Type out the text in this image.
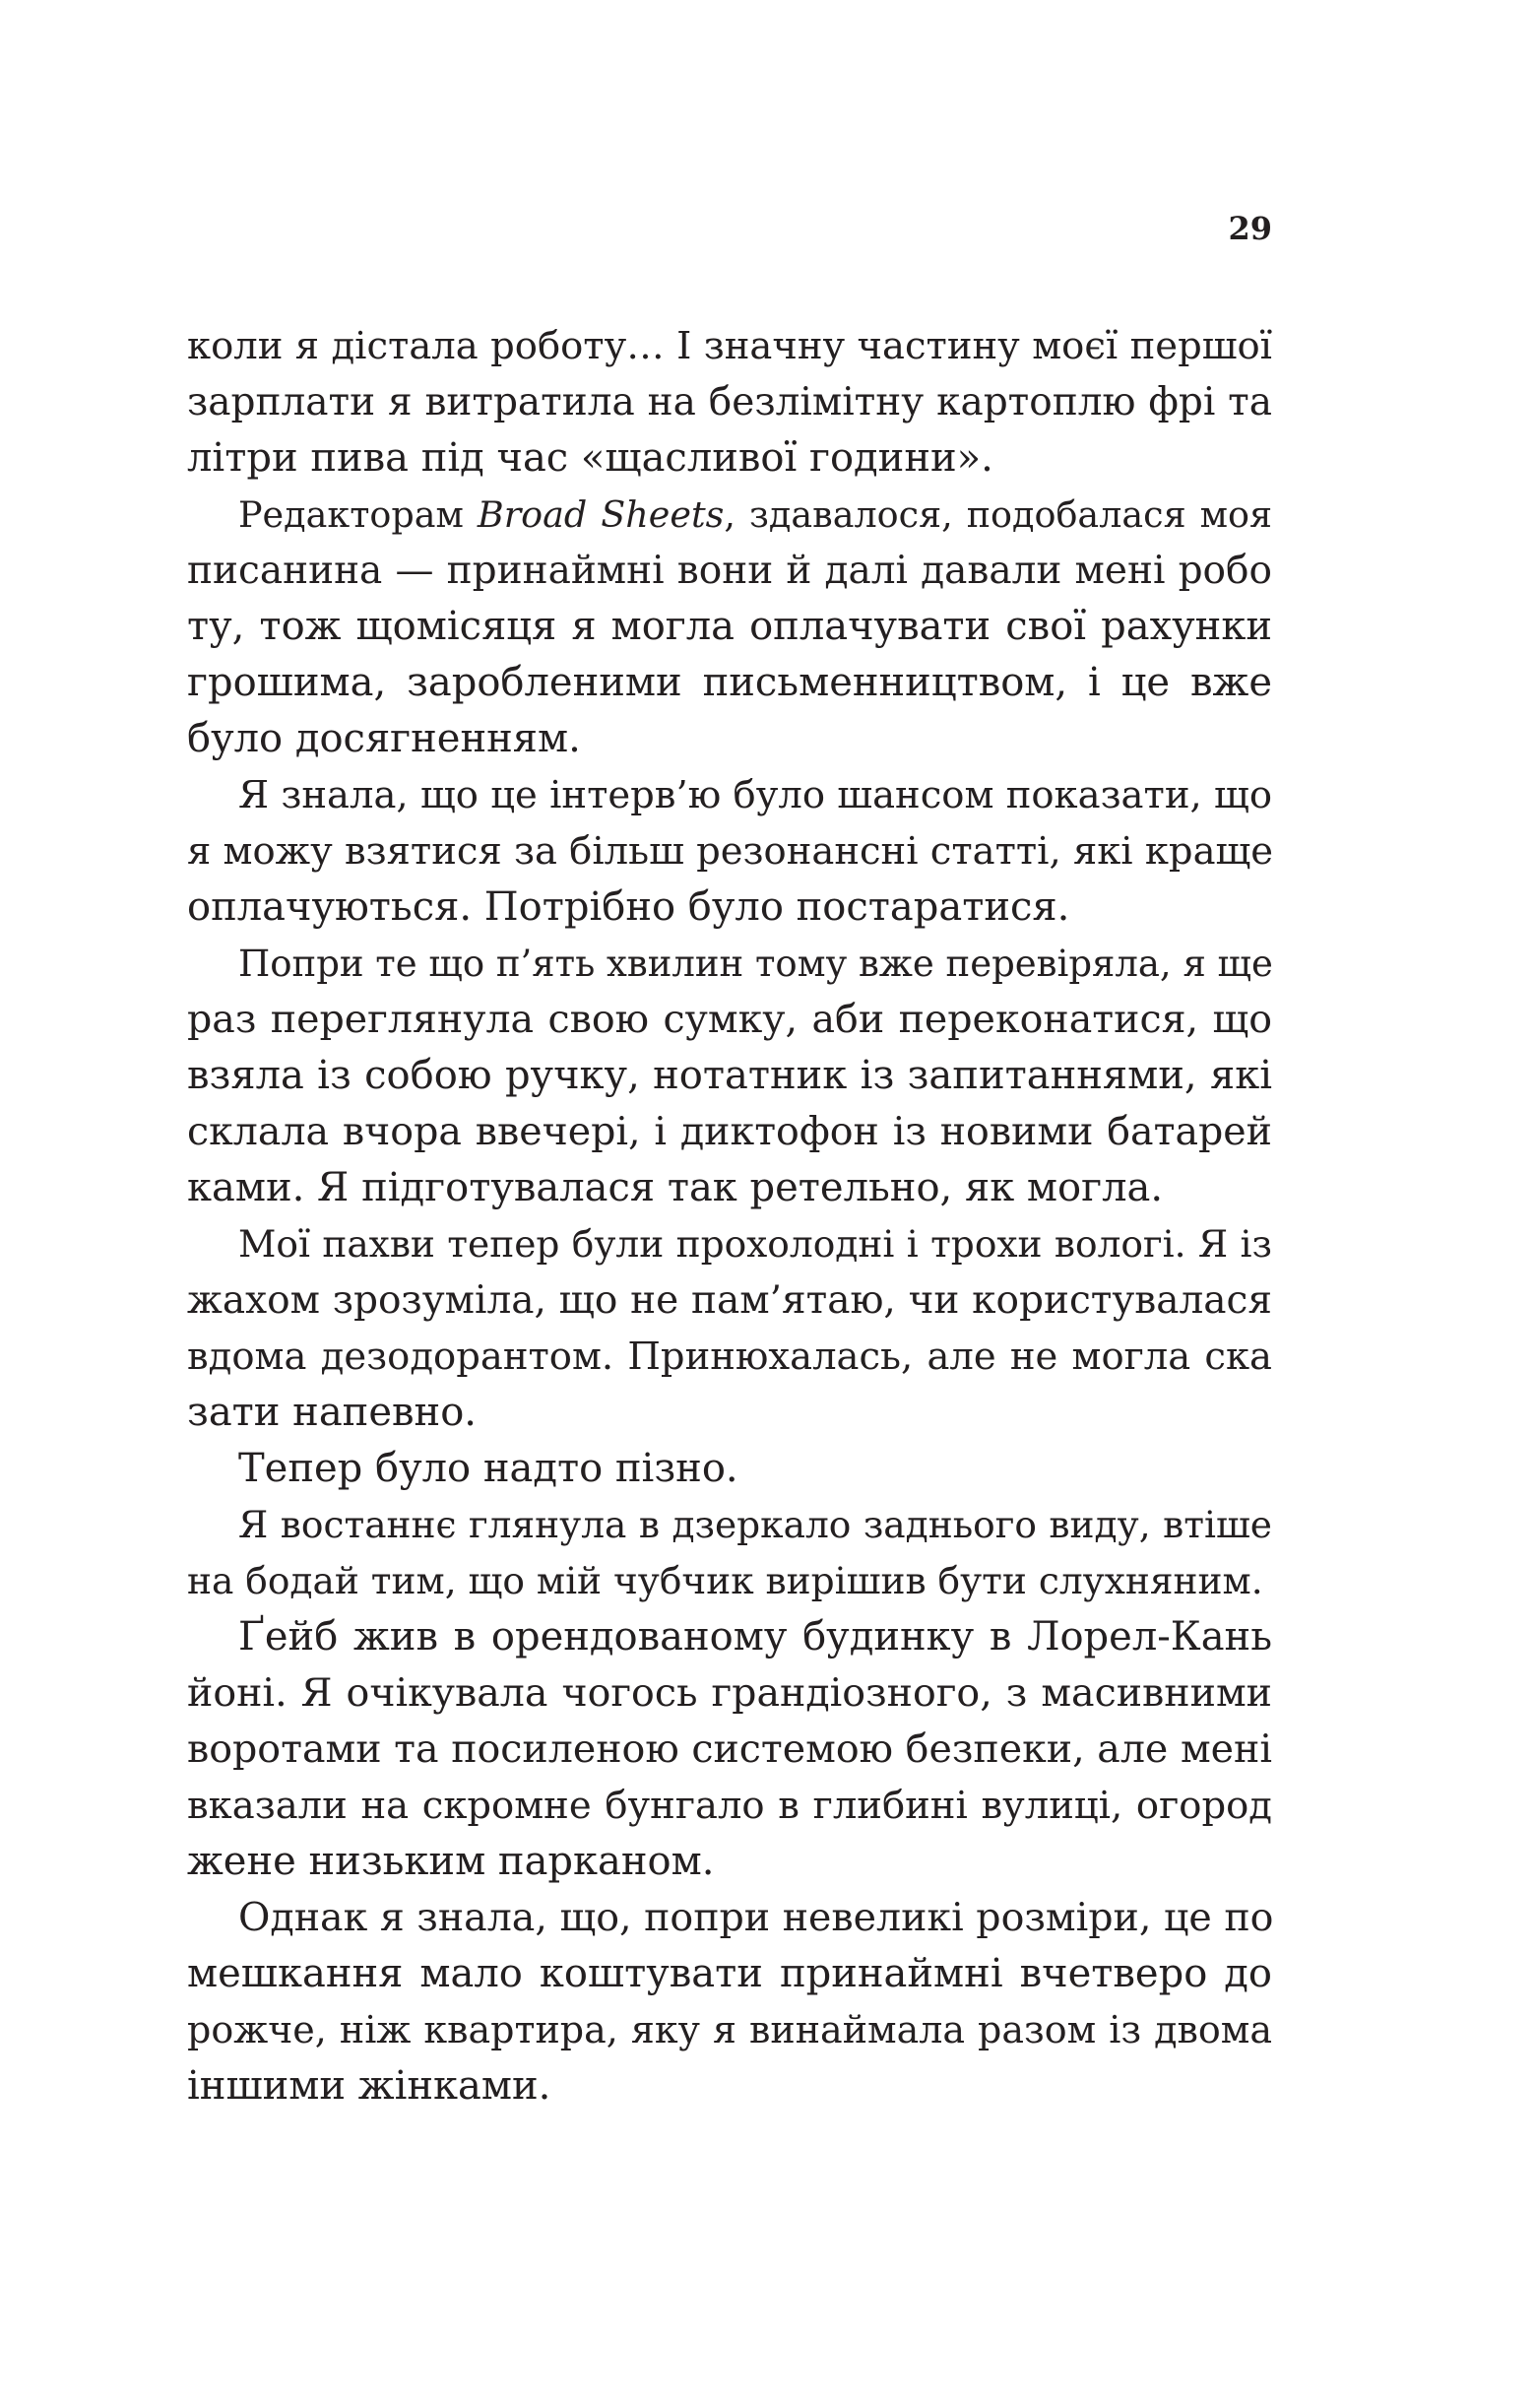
29
коли я дістала роботу… І значну частину моєї першої
зарплати я витратила на безлімітну картоплю фрі та
літри пива під час «щасливої години».
Редакторам Broad Sheets, здавалося, подобалася моя
писанина — принаймні вони й далі давали мені робо
ту, тож щомісяця я могла оплачувати свої рахунки
грошима, заробленими письменництвом, і це вже
було досягненням.
Я знала, що це інтерв’ю було шансом показати, що
я можу взятися за більш резонансні статті, які краще
оплачуються. Потрібно було постаратися.
Попри те що п’ять хвилин тому вже перевіряла, я ще
раз переглянула свою сумку, аби переконатися, що
взяла із собою ручку, нотатник із запитаннями, які
склала вчора ввечері, і диктофон із новими батарей
ками. Я підготувалася так ретельно, як могла.
Мої пахви тепер були прохолодні і трохи вологі. Я із
жахом зрозуміла, що не пам’ятаю, чи користувалася
вдома дезодорантом. Принюхалась, але не могла ска
зати напевно.
Тепер було надто пізно.
Я востаннє глянула в дзеркало заднього виду, втіше
на бодай тим, що мій чубчик вирішив бути слухняним.
Ґейб жив в орендованому будинку в Лорел-Кань
йоні. Я очікувала чогось грандіозного, з масивними
воротами та посиленою системою безпеки, але мені
вказали на скромне бунгало в глибині вулиці, огород
жене низьким парканом.
Однак я знала, що, попри невеликі розміри, це по
мешкання мало коштувати принаймні вчетверо до
рожче, ніж квартира, яку я винаймала разом із двома
іншими жінками.
